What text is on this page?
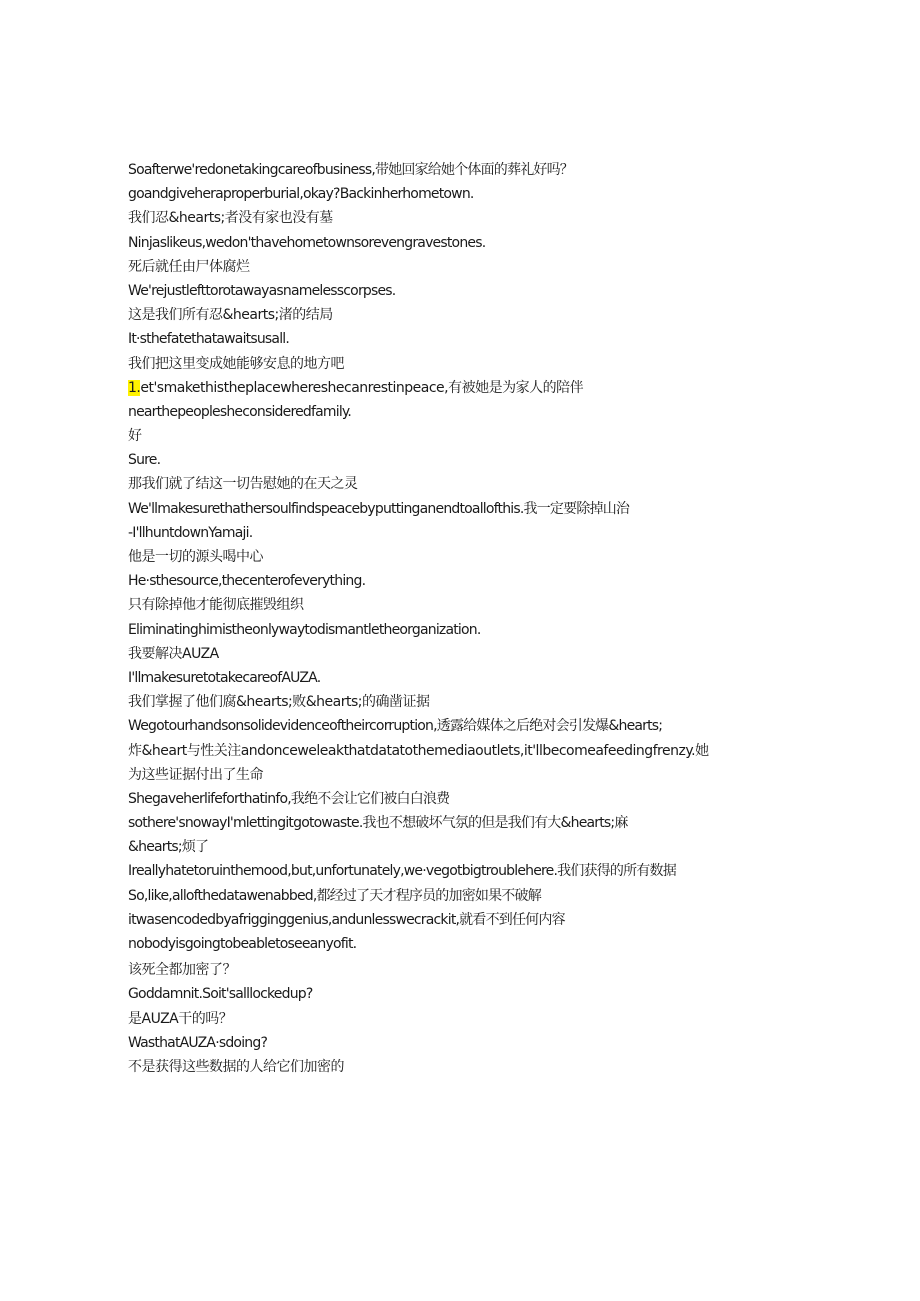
Soafterwe'redonetakingcareofbusiness,带她回家给她个体面的葬礼好吗？
goandgiveheraproperburial,okay?Backinherhometown.
我们忍&hearts;者没有家也没有墓
Ninjaslikeus,wedon'thavehometownsorevengravestones.
死后就任由尸体腐烂
We'rejustlefttorotawayasnamelesscorpses.
这是我们所有忍&hearts;渚的结局
It·sthefatethatawaitsusall.
我们把这里变成她能够安息的地方吧
1.et'smakethistheplacewhereshecanrestinpeace,有被她是为家人的陪伴
nearthepeoplesheconsideredfamily.
好
Sure.
那我们就了结这一切告慰她的在天之灵
We'llmakesurethathersoulfindspeacebyputtinganendtoallofthis.我一定要除掉山治
-I'llhuntdownYamaji.
他是一切的源头喝中心
He·sthesource,thecenterofeverything.
只有除掉他才能彻底摧毁组织
Eliminatinghimistheonlywaytodismantletheorganization.
我要解决AUZA
I'llmakesuretotakecareofAUZA.
我们掌握了他们腐&hearts;败&hearts;的确凿证据
Wegotourhandsonsolidevidenceoftheircorruption,透露给媒体之后绝对会引发爆&hearts;
炸&heart与性关注andonceweleakthatdatatothemediaoutlets,it'llbecomeafeedingfrenzy.她
为这些证据付出了生命
Shegaveherlifeforthatinfo,我绝不会让它们被白白浪费
sothere'snowayI'mlettingitgotowaste.我也不想破坏气氛的但是我们有大&hearts;麻
&hearts;烦了
Ireallyhatetoruinthemood,but,unfortunately,we·vegotbigtroublehere.我们获得的所有数据
So,like,allofthedatawenabbed,都经过了天才程序员的加密如果不破解
itwasencodedbyafrigginggenius,andunlesswecrackit,就看不到任何内容
nobodyisgoingtobeabletoseeanyofit.
该死全都加密了？
Goddamnit.Soit'salllockedup?
是AUZA干的吗？
WasthatAUZA·sdoing?
不是获得这些数据的人给它们加密的
